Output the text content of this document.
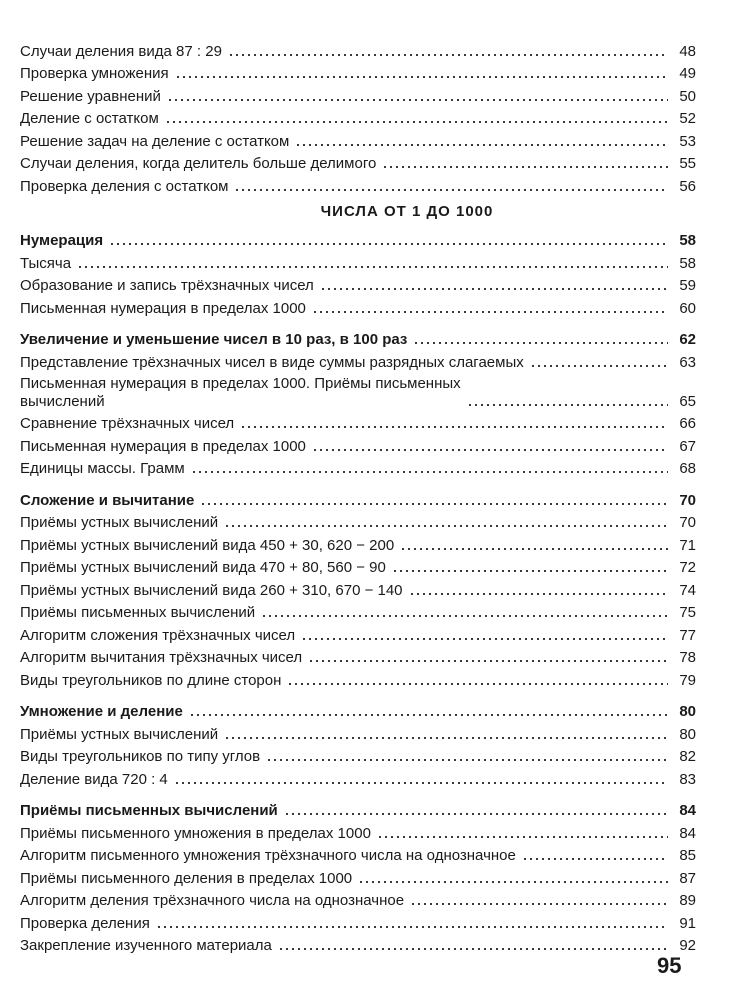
Случаи деления вида 87 : 29	48
Проверка умножения	49
Решение уравнений	50
Деление с остатком	52
Решение задач на деление с остатком	53
Случаи деления, когда делитель больше делимого	55
Проверка деления с остатком	56
ЧИСЛА ОТ 1 ДО 1000
Нумерация	58
Тысяча	58
Образование и запись трёхзначных чисел	59
Письменная нумерация в пределах 1000	60
Увеличение и уменьшение чисел в 10 раз, в 100 раз	62
Представление трёхзначных чисел в виде суммы разрядных слагаемых	63
Письменная нумерация в пределах 1000. Приёмы письменных
вычислений	65
Сравнение трёхзначных чисел	66
Письменная нумерация в пределах 1000	67
Единицы массы. Грамм	68
Сложение и вычитание	70
Приёмы устных вычислений	70
Приёмы устных вычислений вида 450 + 30, 620 − 200	71
Приёмы устных вычислений вида 470 + 80, 560 − 90	72
Приёмы устных вычислений вида 260 + 310, 670 − 140	74
Приёмы письменных вычислений	75
Алгоритм сложения трёхзначных чисел	77
Алгоритм вычитания трёхзначных чисел	78
Виды треугольников по длине сторон	79
Умножение и деление	80
Приёмы устных вычислений	80
Виды треугольников по типу углов	82
Деление вида 720 : 4	83
Приёмы письменных вычислений	84
Приёмы письменного умножения в пределах 1000	84
Алгоритм письменного умножения трёхзначного числа на однозначное	85
Приёмы письменного деления в пределах 1000	87
Алгоритм деления трёхзначного числа на однозначное	89
Проверка деления	91
Закрепление изученного материала	92
95
